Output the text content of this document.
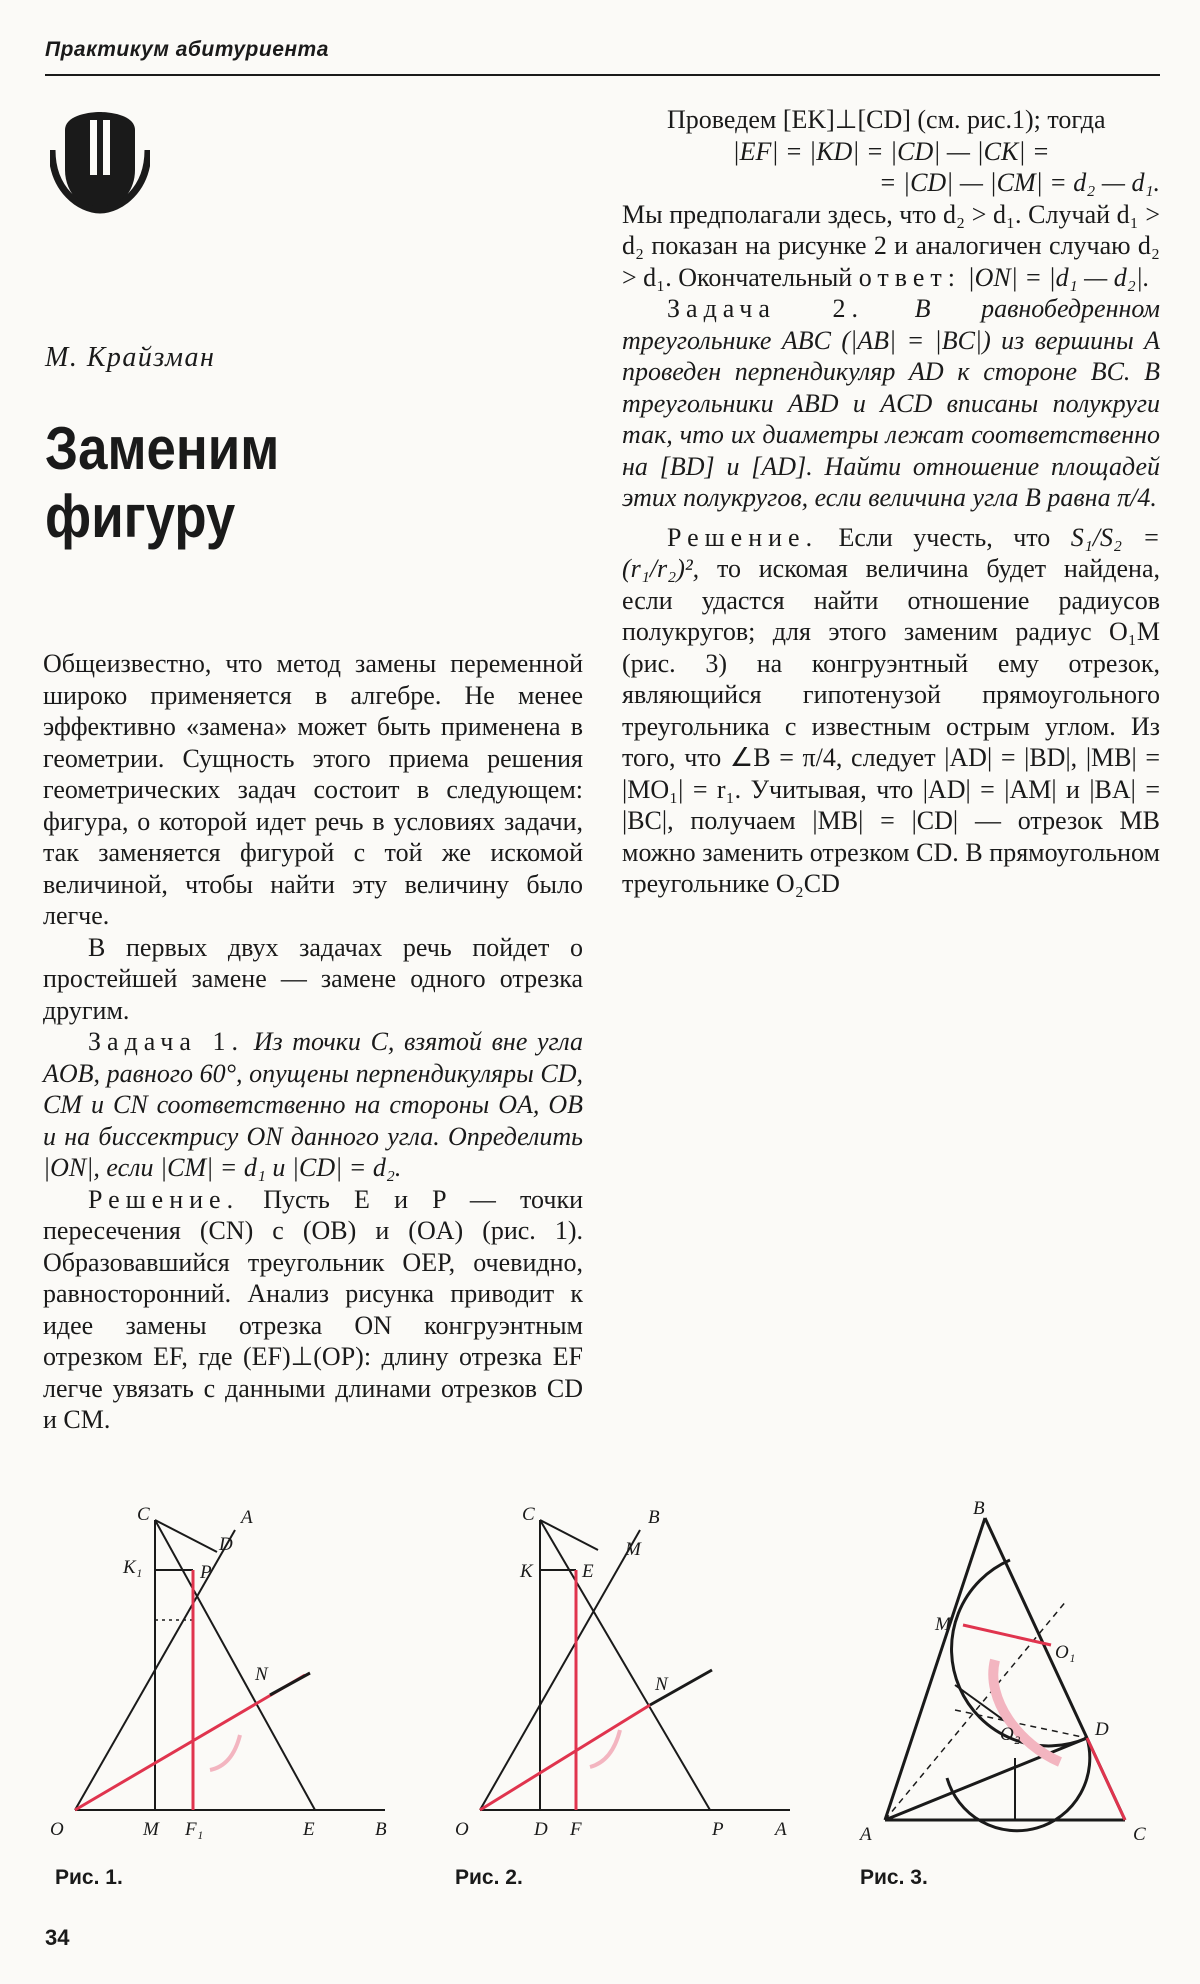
Практикум абитуриента
М. Крайзман
Заменим
фигуру

Общеизвестно, что метод замены переменной широко применяется в алгебре. Не менее эффективно «замена» может быть применена в геометрии. Сущность этого приема решения геометрических задач состоит в следующем: фигура, о которой идет речь в условиях задачи, так заменяется фигурой с той же искомой величиной, чтобы найти эту величину было легче.

В первых двух задачах речь пойдет о простейшей замене — замене одного отрезка другим.

Задача 1. Из точки C, взятой вне угла AOB, равного 60°, опущены перпендикуляры CD, CM и CN соответственно на стороны OA, OB и на биссектрису ON данного угла. Определить |ON|, если |CM| = d₁ и |CD| = d₂.

Решение. Пусть E и P — точки пересечения (CN) с (OB) и (OA) (рис. 1). Образовавшийся треугольник OEP, очевидно, равносторонний. Анализ рисунка приводит к идее замены отрезка ON конгруэнтным отрезком EF, где (EF)⊥(OP): длину отрезка EF легче увязать с данными длинами отрезков CD и CM.

Проведем [EK]⊥[CD] (см. рис.1); тогда

|EF| = |KD| = |CD| — |CK| =

= |CD| — |CM| = d₂ — d₁.

Мы предполагали здесь, что d₂ > d₁. Случай d₁ > d₂ показан на рисунке 2 и аналогичен случаю d₂ > d₁. Окончательный ответ: |ON| = |d₁ — d₂|.

Задача 2. В равнобедренном треугольнике ABC (|AB| = |BC|) из вершины A проведен перпендикуляр AD к стороне BC. В треугольники ABD и ACD вписаны полукруги так, что их диаметры лежат соответственно на [BD] и [AD]. Найти отношение площадей этих полукругов, если величина угла B равна π/4.

Решение. Если учесть, что S₁/S₂ = (r₁/r₂)², то искомая величина будет найдена, если удастся найти отношение радиусов полукругов; для этого заменим радиус O₁M (рис. 3) на конгруэнтный ему отрезок, являющийся гипотенузой прямоугольного треугольника с известным острым углом. Из того, что ∠B = π/4, следует |AD| = |BD|, |MB| = |MO₁| = r₁. Учитывая, что |AD| = |AM| и |BA| = |BC|, получаем |MB| = |CD| — отрезок MB можно заменить отрезком CD. В прямоугольном треугольнике O₂CD

C	A
D
K₁	P
N
O	M F₁	E	B
C	B
M
K	E
N
O	D F	P	A
B
M
O₁
D
O₂
A	C
Рис. 1.	Рис. 2.	Рис. 3.
34
